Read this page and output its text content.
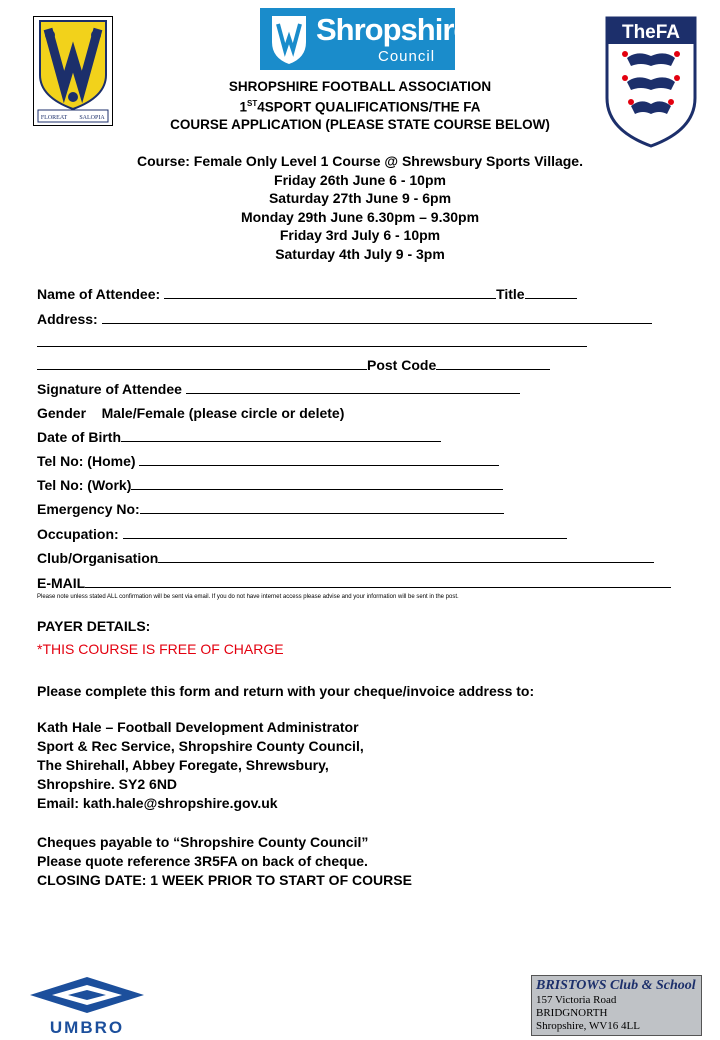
FLOREAT SALOPIA
Shropshire
Council
TheFA
SHROPSHIRE FOOTBALL ASSOCIATION
1ST4SPORT QUALIFICATIONS/THE FA
COURSE APPLICATION (PLEASE STATE COURSE BELOW)
Course: Female Only Level 1 Course @ Shrewsbury Sports Village.
Friday 26th June 6 - 10pm
Saturday 27th June 9 - 6pm
Monday 29th June 6.30pm – 9.30pm
Friday 3rd July 6 - 10pm
Saturday 4th July 9 - 3pm
Name of Attendee:	Title
Address:
Post Code
Signature of Attendee
Gender Male/Female (please circle or delete)
Date of Birth
Tel No: (Home)
Tel No: (Work)
Emergency No:
Occupation:
Club/Organisation
E-MAIL
Please note unless stated ALL confirmation will be sent via email. If you do not have internet access please advise and your information will be sent in the post.
PAYER DETAILS:
*THIS COURSE IS FREE OF CHARGE
Please complete this form and return with your cheque/invoice address to:
Kath Hale – Football Development Administrator
Sport & Rec Service, Shropshire County Council,
The Shirehall, Abbey Foregate, Shrewsbury,
Shropshire. SY2 6ND
Email: kath.hale@shropshire.gov.uk
Cheques payable to “Shropshire County Council”
Please quote reference 3R5FA on back of cheque.
CLOSING DATE: 1 WEEK PRIOR TO START OF COURSE
UMBRO
BRISTOWS Club & School
157 Victoria Road
BRIDGNORTH
Shropshire, WV16 4LL
